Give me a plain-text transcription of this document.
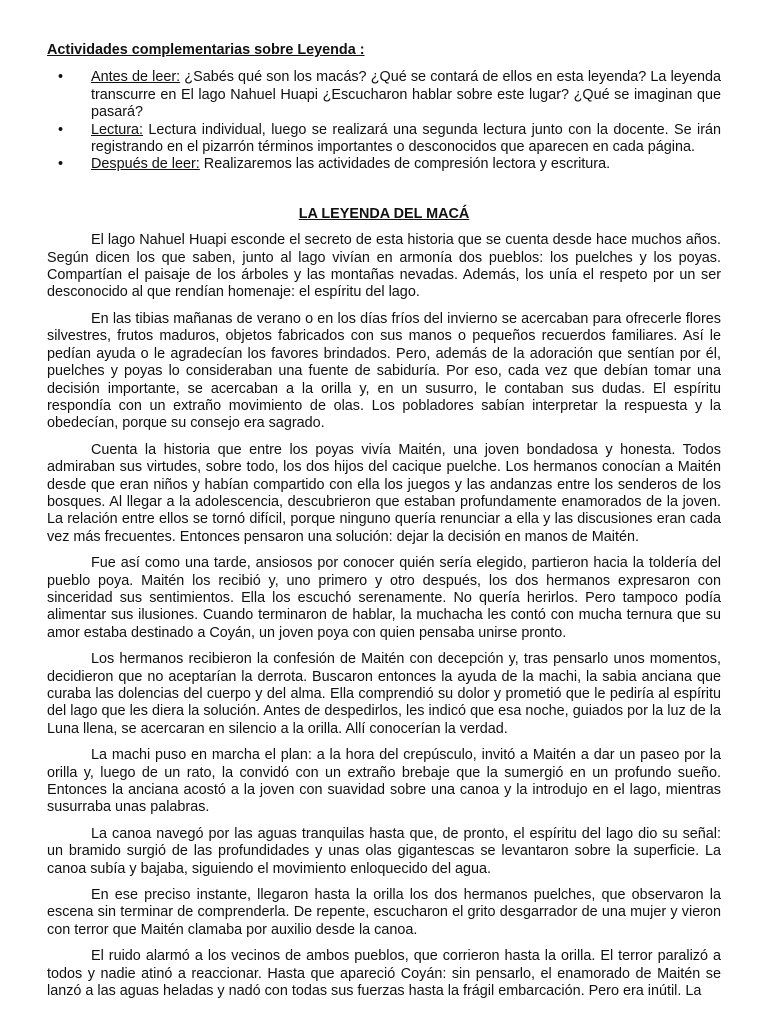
Actividades complementarias sobre Leyenda :
• Antes de leer: ¿Sabés qué son los macás? ¿Qué se contará de ellos en esta leyenda? La leyenda transcurre en El lago Nahuel Huapi ¿Escucharon hablar sobre este lugar? ¿Qué se imaginan que pasará?
• Lectura: Lectura individual, luego se realizará una segunda lectura junto con la docente. Se irán registrando en el pizarrón términos importantes o desconocidos que aparecen en cada página.
• Después de leer: Realizaremos las actividades de compresión lectora y escritura.
LA LEYENDA DEL MACÁ

El lago Nahuel Huapi esconde el secreto de esta historia que se cuenta desde hace muchos años. Según dicen los que saben, junto al lago vivían en armonía dos pueblos: los puelches y los poyas. Compartían el paisaje de los árboles y las montañas nevadas. Además, los unía el respeto por un ser desconocido al que rendían homenaje: el espíritu del lago.

En las tibias mañanas de verano o en los días fríos del invierno se acercaban para ofrecerle flores silvestres, frutos maduros, objetos fabricados con sus manos o pequeños recuerdos familiares. Así le pedían ayuda o le agradecían los favores brindados. Pero, además de la adoración que sentían por él, puelches y poyas lo consideraban una fuente de sabiduría. Por eso, cada vez que debían tomar una decisión importante, se acercaban a la orilla y, en un susurro, le contaban sus dudas. El espíritu respondía con un extraño movimiento de olas. Los pobladores sabían interpretar la respuesta y la obedecían, porque su consejo era sagrado.

Cuenta la historia que entre los poyas vivía Maitén, una joven bondadosa y honesta. Todos admiraban sus virtudes, sobre todo, los dos hijos del cacique puelche. Los hermanos conocían a Maitén desde que eran niños y habían compartido con ella los juegos y las andanzas entre los senderos de los bosques. Al llegar a la adolescencia, descubrieron que estaban profundamente enamorados de la joven. La relación entre ellos se tornó difícil, porque ninguno quería renunciar a ella y las discusiones eran cada vez más frecuentes. Entonces pensaron una solución: dejar la decisión en manos de Maitén.

Fue así como una tarde, ansiosos por conocer quién sería elegido, partieron hacia la toldería del pueblo poya. Maitén los recibió y, uno primero y otro después, los dos hermanos expresaron con sinceridad sus sentimientos. Ella los escuchó serenamente. No quería herirlos. Pero tampoco podía alimentar sus ilusiones. Cuando terminaron de hablar, la muchacha les contó con mucha ternura que su amor estaba destinado a Coyán, un joven poya con quien pensaba unirse pronto.

Los hermanos recibieron la confesión de Maitén con decepción y, tras pensarlo unos momentos, decidieron que no aceptarían la derrota. Buscaron entonces la ayuda de la machi, la sabia anciana que curaba las dolencias del cuerpo y del alma. Ella comprendió su dolor y prometió que le pediría al espíritu del lago que les diera la solución. Antes de despedirlos, les indicó que esa noche, guiados por la luz de la Luna llena, se acercaran en silencio a la orilla. Allí conocerían la verdad.

La machi puso en marcha el plan: a la hora del crepúsculo, invitó a Maitén a dar un paseo por la orilla y, luego de un rato, la convidó con un extraño brebaje que la sumergió en un profundo sueño. Entonces la anciana acostó a la joven con suavidad sobre una canoa y la introdujo en el lago, mientras susurraba unas palabras.

La canoa navegó por las aguas tranquilas hasta que, de pronto, el espíritu del lago dio su señal: un bramido surgió de las profundidades y unas olas gigantescas se levantaron sobre la superficie. La canoa subía y bajaba, siguiendo el movimiento enloquecido del agua.

En ese preciso instante, llegaron hasta la orilla los dos hermanos puelches, que observaron la escena sin terminar de comprenderla. De repente, escucharon el grito desgarrador de una mujer y vieron con terror que Maitén clamaba por auxilio desde la canoa.

El ruido alarmó a los vecinos de ambos pueblos, que corrieron hasta la orilla. El terror paralizó a todos y nadie atinó a reaccionar. Hasta que apareció Coyán: sin pensarlo, el enamorado de Maitén se lanzó a las aguas heladas y nadó con todas sus fuerzas hasta la frágil embarcación. Pero era inútil. La
